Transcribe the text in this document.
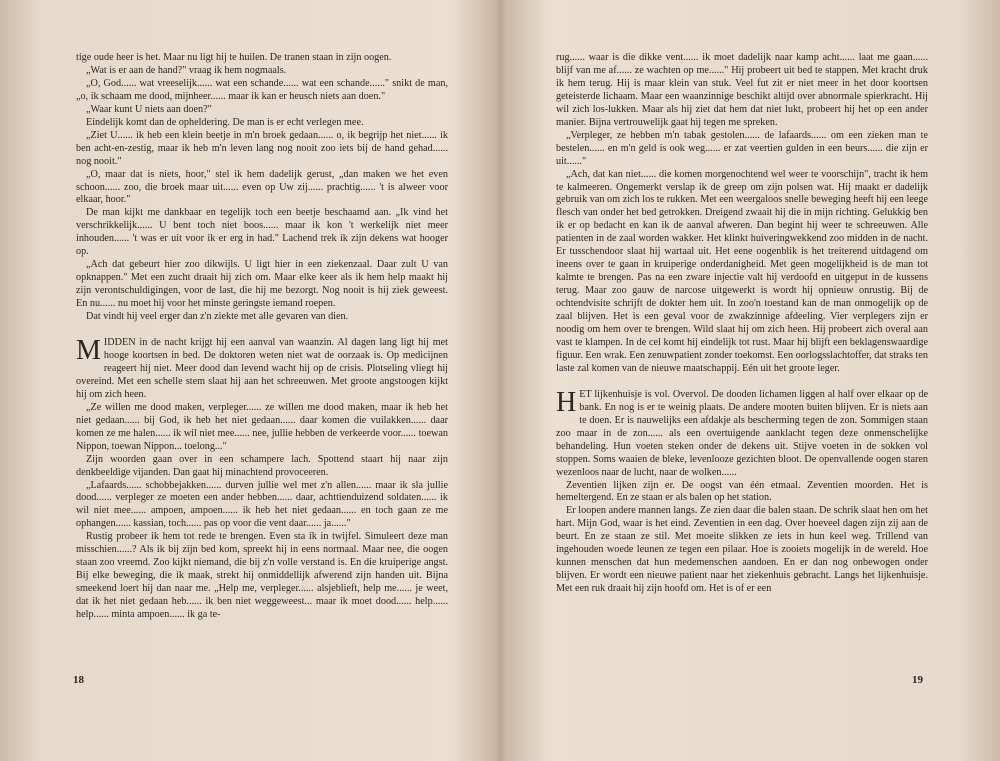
tige oude heer is het. Maar nu ligt hij te huilen. De tranen staan in zijn oogen.

„Wat is er aan de hand?" vraag ik hem nogmaals.

„O, God...... wat vreeselijk...... wat een schande...... wat een schande......" snikt de man, „o, ik schaam me dood, mijnheer...... maar ik kan er heusch niets aan doen."

„Waar kunt U niets aan doen?"

Eindelijk komt dan de opheldering. De man is er echt verlegen mee.

„Ziet U...... ik heb een klein beetje in m'n broek gedaan...... o, ik begrijp het niet...... ik ben acht-en-zestig, maar ik heb m'n leven lang nog nooit zoo iets bij de hand gehad...... nog nooit."

„O, maar dat is niets, hoor," stel ik hem dadelijk gerust, „dan maken we het even schoon...... zoo, die broek maar uit...... even op Uw zij...... prachtig...... 't is alweer voor elkaar, hoor."

De man kijkt me dankbaar en tegelijk toch een beetje beschaamd aan. „Ik vind het verschrikkelijk...... U bent toch niet boos...... maar ik kon 't werkelijk niet meer inhouden...... 't was er uit voor ik er erg in had." Lachend trek ik zijn dekens wat hooger op.

„Ach dat gebeurt hier zoo dikwijls. U ligt hier in een ziekenzaal. Daar zult U van opknappen." Met een zucht draait hij zich om. Maar elke keer als ik hem help maakt hij zijn verontschuldigingen, voor de last, die hij me bezorgt. Nog nooit is hij ziek geweest. En nu...... nu moet hij voor het minste geringste iemand roepen.

Dat vindt hij veel erger dan z'n ziekte met alle gevaren van dien.

MIDDEN in de nacht krijgt hij een aanval van waanzin. Al dagen lang ligt hij met hooge koortsen in bed. De doktoren weten niet wat de oorzaak is. Op medicijnen reageert hij niet. Meer dood dan levend wacht hij op de crisis. Plotseling vliegt hij overeind. Met een schelle stem slaat hij aan het schreeuwen. Met groote angstoogen kijkt hij om zich heen.

„Ze willen me dood maken, verpleger...... ze willen me dood maken, maar ik heb het niet gedaan...... bij God, ik heb het niet gedaan...... daar komen die vuilakken...... daar komen ze me halen...... ik wil niet mee...... nee, jullie hebben de verkeerde voor...... toewan Nippon, toewan Nippon... toelong..."

Zijn woorden gaan over in een schampere lach. Spottend staart hij naar zijn denkbeeldige vijanden. Dan gaat hij minachtend provoceeren.

„Lafaards...... schobbejakken...... durven jullie wel met z'n allen...... maar ik sla jullie dood...... verpleger ze moeten een ander hebben...... daar, achttienduizend soldaten...... ik wil niet mee...... ampoen, ampoen...... ik heb het niet gedaan...... en toch gaan ze me ophangen...... kassian, toch...... pas op voor die vent daar...... ja......"

Rustig probeer ik hem tot rede te brengen. Even sta ik in twijfel. Simuleert deze man misschien......? Als ik bij zijn bed kom, spreekt hij in eens normaal. Maar nee, die oogen staan zoo vreemd. Zoo kijkt niemand, die bij z'n volle verstand is. En die kruiperige angst. Bij elke beweging, die ik maak, strekt hij onmiddellijk afwerend zijn handen uit. Bijna smeekend loert hij dan naar me. „Help me, verpleger...... alsjeblieft, help me...... je weet, dat ik het niet gedaan heb...... ik ben niet weggeweest... maar ik moet dood...... help...... help...... minta ampoen...... ik ga te-

18

rug...... waar is die dikke vent...... ik moet dadelijk naar kamp acht...... laat me gaan...... blijf van me af...... ze wachten op me......" Hij probeert uit bed te stappen. Met kracht druk ik hem terug. Hij is maar klein van stuk. Veel fut zit er niet meer in het door koortsen geteisterde lichaam. Maar een waanzinnige beschikt altijd over abnormale spierkracht. Hij wil zich los-lukken. Maar als hij ziet dat hem dat niet lukt, probeert hij het op een ander manier. Bijna vertrouwelijk gaat hij tegen me spreken.

„Verpleger, ze hebben m'n tabak gestolen...... de lafaards...... om een zieken man te bestelen...... en m'n geld is ook weg...... er zat veertien gulden in een beurs...... die zijn er uit......"

„Ach, dat kan niet...... die komen morgenochtend wel weer te voorschijn", tracht ik hem te kalmeeren. Ongemerkt verslap ik de greep om zijn polsen wat. Hij maakt er dadelijk gebruik van om zich los te rukken. Met een weergaloos snelle beweging heeft hij een leege flesch van onder het bed getrokken. Dreigend zwaait hij die in mijn richting. Gelukkig ben ik er op bedacht en kan ik de aanval afweren. Dan begint hij weer te schreeuwen. Alle patienten in de zaal worden wakker. Het klinkt huiveringwekkend zoo midden in de nacht. Er tusschendoor slaat hij wartaal uit. Het eene oogenblik is het treiterend uitdagend om ineens over te gaan in kruiperige onderdanigheid. Met geen mogelijkheid is de man tot kalmte te brengen. Pas na een zware injectie valt hij verdoofd en uitgeput in de kussens terug. Maar zoo gauw de narcose uitgewerkt is wordt hij opnieuw onrustig. Bij de ochtendvisite schrijft de dokter hem uit. In zoo'n toestand kan de man onmogelijk op de zaal blijven. Het is een geval voor de zwakzinnige afdeeling. Vier verplegers zijn er noodig om hem over te brengen. Wild slaat hij om zich heen. Hij probeert zich overal aan vast te klampen. In de cel komt hij eindelijk tot rust. Maar hij blijft een beklagenswaardige figuur. Een wrak. Een zenuwpatient zonder toekomst. Een oorlogsslachtoffer, dat straks ten laste zal komen van de nieuwe maatschappij. Eén uit het groote leger.

HET lijkenhuisje is vol. Overvol. De dooden lichamen liggen al half over elkaar op de bank. En nog is er te weinig plaats. De andere mooten buiten blijven. Er is niets aan te doen. Er is nauwelijks een afdakje als bescherming tegen de zon. Sommigen staan zoo maar in de zon...... als een overtuigende aanklacht tegen deze onmenschelijke behandeling. Hun voeten steken onder de dekens uit. Stijve voeten in de sokken vol stoppen. Soms waaien de bleke, levenlooze gezichten bloot. De openvallende oogen staren wezenloos naar de lucht, naar de wolken......

Zeventien lijken zijn er. De oogst van één etmaal. Zeventien moorden. Het is hemeltergend. En ze staan er als balen op het station.

Er loopen andere mannen langs. Ze zien daar die balen staan. De schrik slaat hen om het hart. Mijn God, waar is het eind. Zeventien in een dag. Over hoeveel dagen zijn zij aan de beurt. En ze staan ze stil. Met moeite slikken ze iets in hun keel weg. Trillend van ingehouden woede leunen ze tegen een pilaar. Hoe is zooiets mogelijk in de wereld. Hoe kunnen menschen dat hun medemenschen aandoen. En er dan nog onbewogen onder blijven. Er wordt een nieuwe patient naar het ziekenhuis gebracht. Langs het lijkenhuisje. Met een ruk draait hij zijn hoofd om. Het is of er een

19
